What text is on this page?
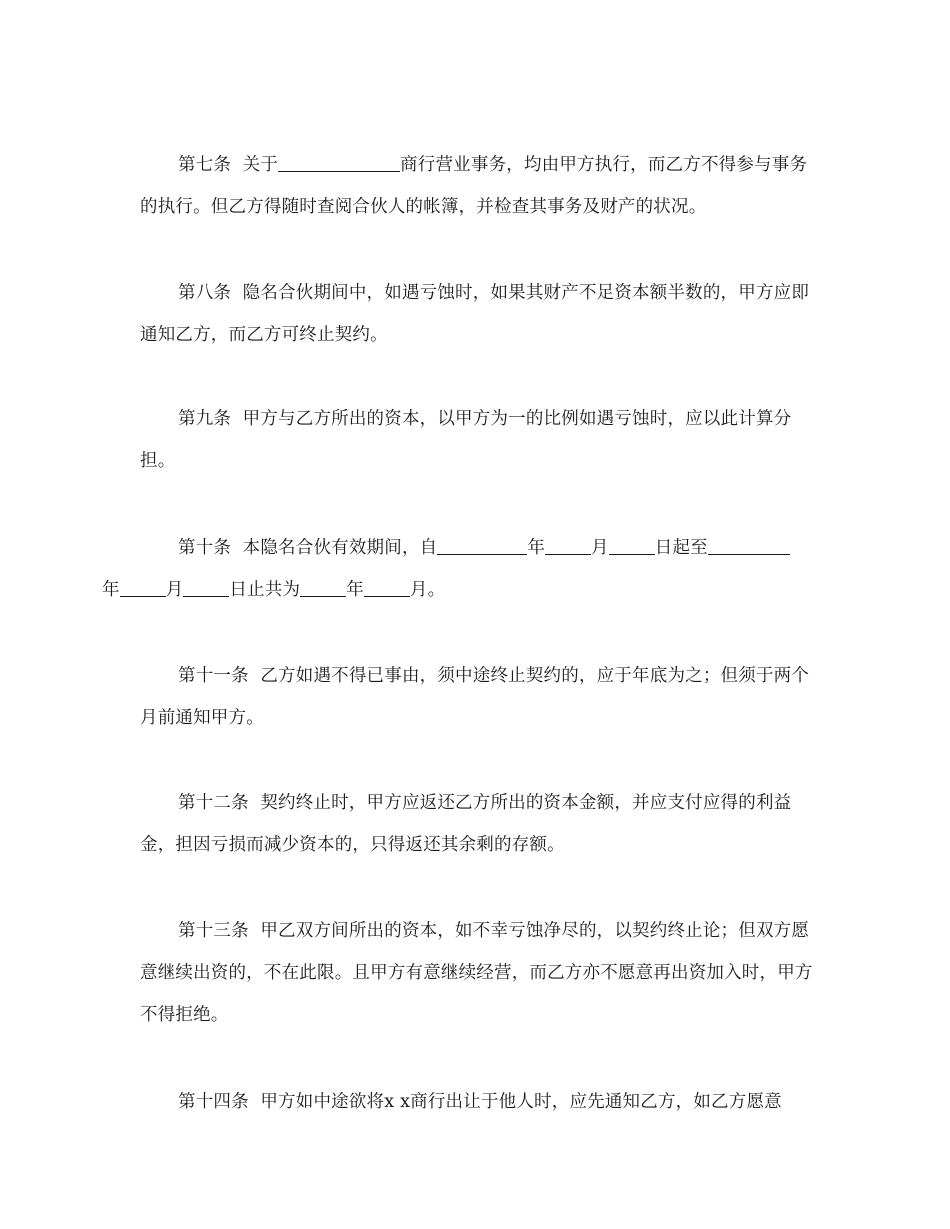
第七条 关于	商行营业事务，均由甲方执行，而乙方不得参与事务的执行。但乙方得随时查阅合伙人的帐簿，并检查其事务及财产的状况。

第八条 隐名合伙期间中，如遇亏蚀时，如果其财产不足资本额半数的，甲方应即通知乙方，而乙方可终止契约。

第九条 甲方与乙方所出的资本，以甲方为一的比例如遇亏蚀时，应以此计算分担。

第十条 本隐名合伙有效期间，自	年	月	日起至
年	月	日止共为	年	月。

第十一条 乙方如遇不得已事由，须中途终止契约的，应于年底为之；但须于两个月前通知甲方。

第十二条 契约终止时，甲方应返还乙方所出的资本金额，并应支付应得的利益金，担因亏损而减少资本的，只得返还其余剩的存额。

第十三条 甲乙双方间所出的资本，如不幸亏蚀净尽的，以契约终止论；但双方愿意继续出资的，不在此限。且甲方有意继续经营，而乙方亦不愿意再出资加入时，甲方不得拒绝。

第十四条 甲方如中途欲将x x商行出让于他人时，应先通知乙方，如乙方愿意
